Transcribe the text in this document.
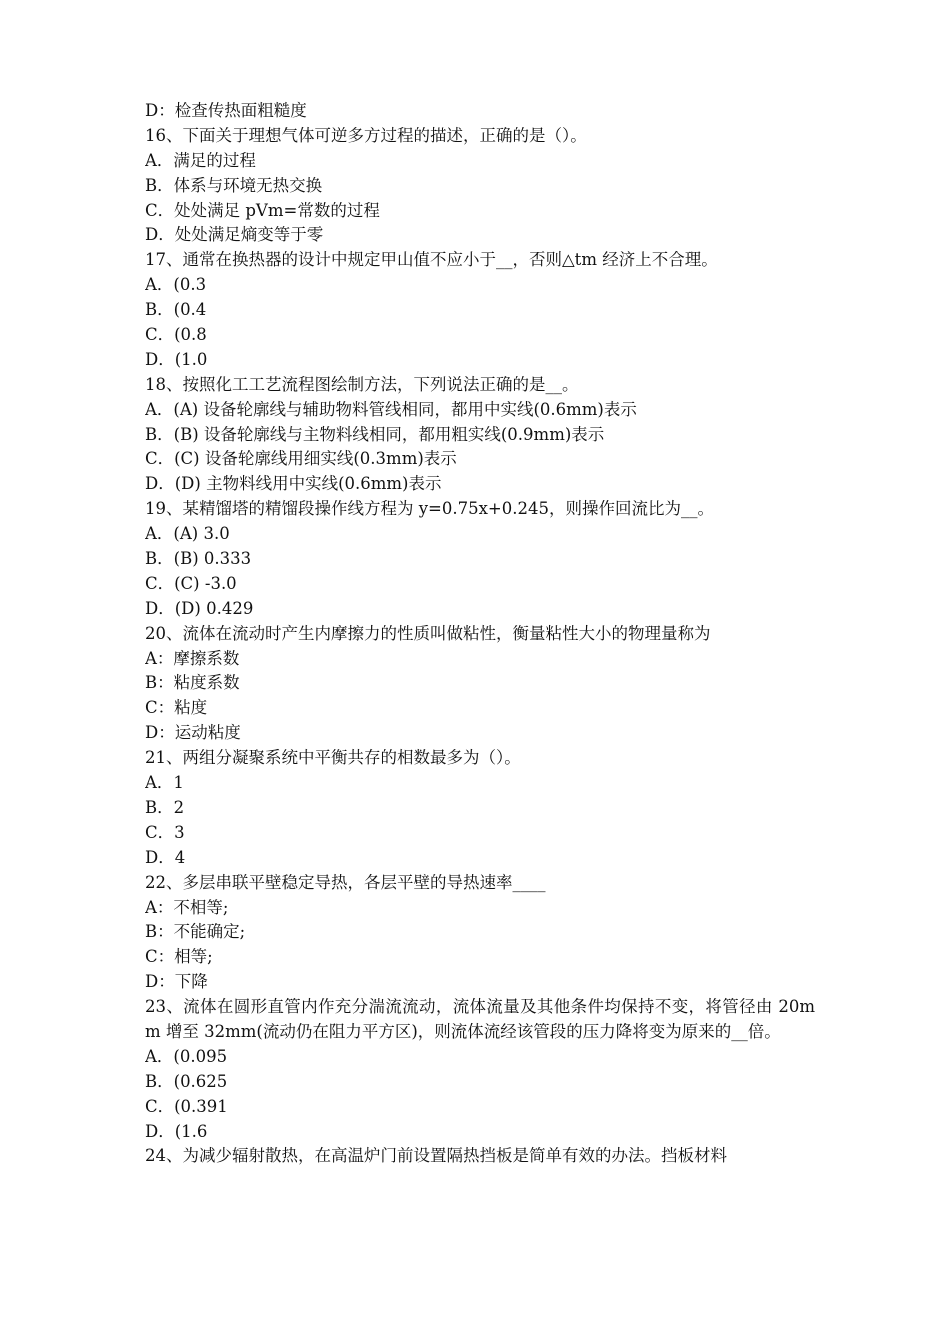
D：检查传热面粗糙度
16、下面关于理想气体可逆多方过程的描述，正确的是（）。
A．满足的过程
B．体系与环境无热交换
C．处处满足 pVm=常数的过程
D．处处满足熵变等于零
17、通常在换热器的设计中规定甲山值不应小于__，否则△tm 经济上不合理。
A．(0.3
B．(0.4
C．(0.8
D．(1.0
18、按照化工工艺流程图绘制方法，下列说法正确的是__。
A．(A) 设备轮廓线与辅助物料管线相同，都用中实线(0.6mm)表示
B．(B) 设备轮廓线与主物料线相同，都用粗实线(0.9mm)表示
C．(C) 设备轮廓线用细实线(0.3mm)表示
D．(D) 主物料线用中实线(0.6mm)表示
19、某精馏塔的精馏段操作线方程为 y=0.75x+0.245，则操作回流比为__。
A．(A) 3.0
B．(B) 0.333
C．(C) -3.0
D．(D) 0.429
20、流体在流动时产生内摩擦力的性质叫做粘性，衡量粘性大小的物理量称为
A：摩擦系数
B：粘度系数
C：粘度
D：运动粘度
21、两组分凝聚系统中平衡共存的相数最多为（）。
A．1
B．2
C．3
D．4
22、多层串联平壁稳定导热，各层平壁的导热速率____
A：不相等;
B：不能确定;
C：相等;
D：下降
23、流体在圆形直管内作充分湍流流动，流体流量及其他条件均保持不变，将管径由 20mm 增至 32mm(流动仍在阻力平方区)，则流体流经该管段的压力降将变为原来的__倍。
A．(0.095
B．(0.625
C．(0.391
D．(1.6
24、为减少辐射散热，在高温炉门前设置隔热挡板是简单有效的办法。挡板材料
